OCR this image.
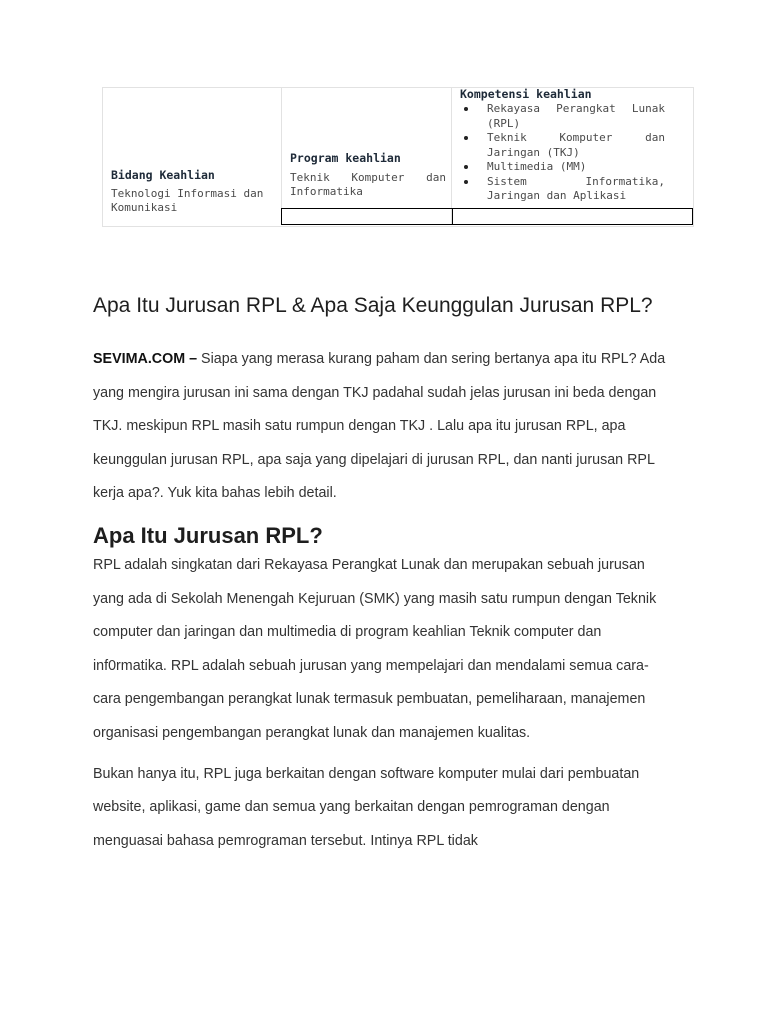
Bidang Keahlian
Teknologi Informasi dan Komunikasi
Program keahlian
Teknik Komputer dan Informatika
Kompetensi keahlian
Rekayasa Perangkat Lunak (RPL)
Teknik Komputer dan Jaringan (TKJ)
Multimedia (MM)
Sistem Informatika, Jaringan dan Aplikasi
Apa Itu Jurusan RPL & Apa Saja Keunggulan Jurusan RPL?

SEVIMA.COM – Siapa yang merasa kurang paham dan sering bertanya apa itu RPL? Ada yang mengira jurusan ini sama dengan TKJ padahal sudah jelas jurusan ini beda dengan TKJ. meskipun RPL masih satu rumpun dengan TKJ . Lalu apa itu jurusan RPL, apa keunggulan jurusan RPL, apa saja yang dipelajari di jurusan RPL, dan nanti jurusan RPL kerja apa?. Yuk kita bahas lebih detail.

Apa Itu Jurusan RPL?

RPL adalah singkatan dari Rekayasa Perangkat Lunak dan merupakan sebuah jurusan yang ada di Sekolah Menengah Kejuruan (SMK) yang masih satu rumpun dengan Teknik computer dan jaringan dan multimedia di program keahlian Teknik computer dan inf0rmatika. RPL adalah sebuah jurusan yang mempelajari dan mendalami semua cara-cara pengembangan perangkat lunak termasuk pembuatan, pemeliharaan, manajemen organisasi pengembangan perangkat lunak dan manajemen kualitas.

Bukan hanya itu, RPL juga berkaitan dengan software komputer mulai dari pembuatan website, aplikasi, game dan semua yang berkaitan dengan pemrograman dengan menguasai bahasa pemrograman tersebut. Intinya RPL tidak
